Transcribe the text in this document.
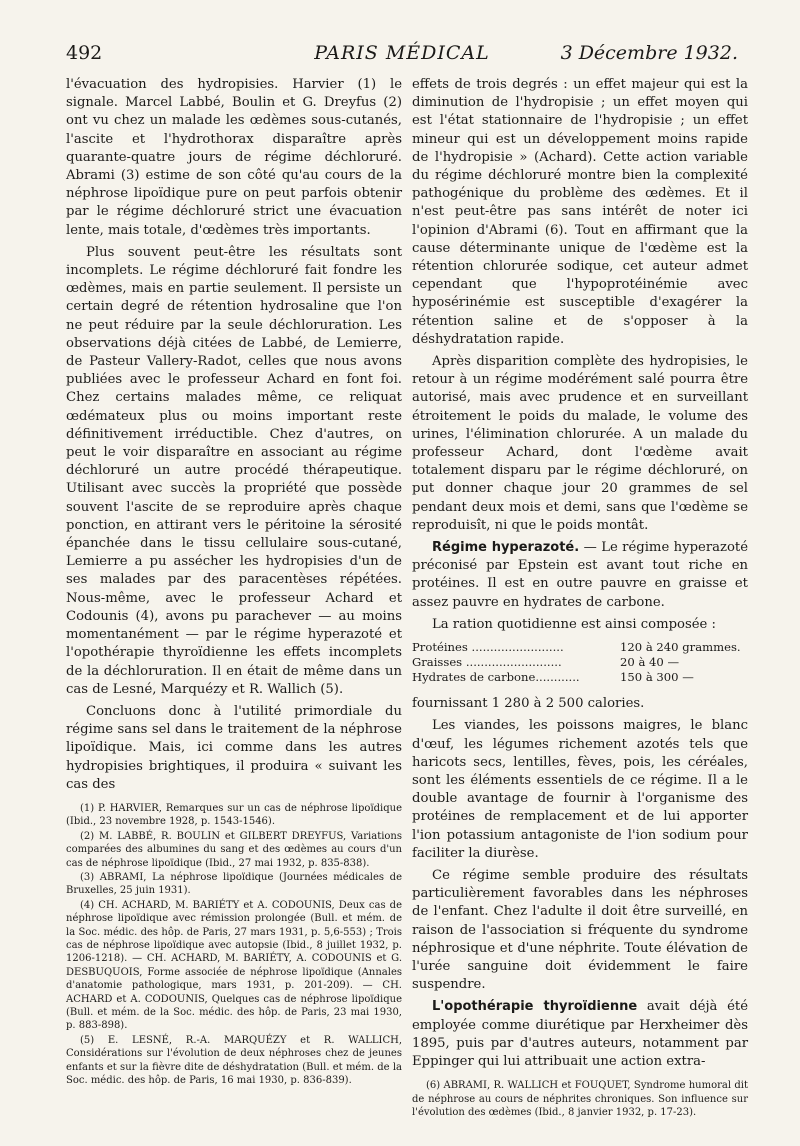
492	PARIS MÉDICAL	3 Décembre 1932.

l'évacuation des hydropisies. Harvier (1) le signale. Marcel Labbé, Boulin et G. Dreyfus (2) ont vu chez un malade les œdèmes sous-cutanés, l'ascite et l'hydrothorax disparaître après quarante-quatre jours de régime déchloruré. Abrami (3) estime de son côté qu'au cours de la néphrose lipoïdique pure on peut parfois obtenir par le régime déchloruré strict une évacuation lente, mais totale, d'œdèmes très importants.

Plus souvent peut-être les résultats sont incomplets. Le régime déchloruré fait fondre les œdèmes, mais en partie seulement. Il persiste un certain degré de rétention hydrosaline que l'on ne peut réduire par la seule déchloruration. Les observations déjà citées de Labbé, de Lemierre, de Pasteur Vallery-Radot, celles que nous avons publiées avec le professeur Achard en font foi. Chez certains malades même, ce reliquat œdémateux plus ou moins important reste définitivement irréductible. Chez d'autres, on peut le voir disparaître en associant au régime déchloruré un autre procédé thérapeutique. Utilisant avec succès la propriété que possède souvent l'ascite de se reproduire après chaque ponction, en attirant vers le péritoine la sérosité épanchée dans le tissu cellulaire sous-cutané, Lemierre a pu assécher les hydropisies d'un de ses malades par des paracentèses répétées. Nous-même, avec le professeur Achard et Codounis (4), avons pu parachever — au moins momentanément — par le régime hyperazoté et l'opothérapie thyroïdienne les effets incomplets de la déchloruration. Il en était de même dans un cas de Lesné, Marquézy et R. Wallich (5).

Concluons donc à l'utilité primordiale du régime sans sel dans le traitement de la néphrose lipoïdique. Mais, ici comme dans les autres hydropisies brightiques, il produira « suivant les cas des

(1) P. HARVIER, Remarques sur un cas de néphrose lipoïdique (Ibid., 23 novembre 1928, p. 1543-1546).

(2) M. LABBÉ, R. BOULIN et GILBERT DREYFUS, Variations comparées des albumines du sang et des œdèmes au cours d'un cas de néphrose lipoïdique (Ibid., 27 mai 1932, p. 835-838).

(3) ABRAMI, La néphrose lipoïdique (Journées médicales de Bruxelles, 25 juin 1931).

(4) CH. ACHARD, M. BARIÉTY et A. CODOUNIS, Deux cas de néphrose lipoïdique avec rémission prolongée (Bull. et mém. de la Soc. médic. des hôp. de Paris, 27 mars 1931, p. 5,6-553) ; Trois cas de néphrose lipoïdique avec autopsie (Ibid., 8 juillet 1932, p. 1206-1218). — CH. ACHARD, M. BARIÉTY, A. CODOUNIS et G. DESBUQUOIS, Forme associée de néphrose lipoïdique (Annales d'anatomie pathologique, mars 1931, p. 201-209). — CH. ACHARD et A. CODOUNIS, Quelques cas de néphrose lipoïdique (Bull. et mém. de la Soc. médic. des hôp. de Paris, 23 mai 1930, p. 883-898).

(5) E. LESNÉ, R.-A. MARQUÉZY et R. WALLICH, Considérations sur l'évolution de deux néphroses chez de jeunes enfants et sur la fièvre dite de déshydratation (Bull. et mém. de la Soc. médic. des hôp. de Paris, 16 mai 1930, p. 836-839).

effets de trois degrés : un effet majeur qui est la diminution de l'hydropisie ; un effet moyen qui est l'état stationnaire de l'hydropisie ; un effet mineur qui est un développement moins rapide de l'hydropisie » (Achard). Cette action variable du régime déchloruré montre bien la complexité pathogénique du problème des œdèmes. Et il n'est peut-être pas sans intérêt de noter ici l'opinion d'Abrami (6). Tout en affirmant que la cause déterminante unique de l'œdème est la rétention chlorurée sodique, cet auteur admet cependant que l'hypoprotéinémie avec hyposérinémie est susceptible d'exagérer la rétention saline et de s'opposer à la déshydratation rapide.

Après disparition complète des hydropisies, le retour à un régime modérément salé pourra être autorisé, mais avec prudence et en surveillant étroitement le poids du malade, le volume des urines, l'élimination chlorurée. A un malade du professeur Achard, dont l'œdème avait totalement disparu par le régime déchloruré, on put donner chaque jour 20 grammes de sel pendant deux mois et demi, sans que l'œdème se reproduisît, ni que le poids montât.

Régime hyperazoté. — Le régime hyperazoté préconisé par Epstein est avant tout riche en protéines. Il est en outre pauvre en graisse et assez pauvre en hydrates de carbone.

La ration quotidienne est ainsi composée :

Protéines .........................	120 à 240 grammes.
Graisses ..........................	20 à 40 —
Hydrates de carbone............	150 à 300 —

fournissant 1 280 à 2 500 calories.

Les viandes, les poissons maigres, le blanc d'œuf, les légumes richement azotés tels que haricots secs, lentilles, fèves, pois, les céréales, sont les éléments essentiels de ce régime. Il a le double avantage de fournir à l'organisme des protéines de remplacement et de lui apporter l'ion potassium antagoniste de l'ion sodium pour faciliter la diurèse.

Ce régime semble produire des résultats particulièrement favorables dans les néphroses de l'enfant. Chez l'adulte il doit être surveillé, en raison de l'association si fréquente du syndrome néphrosique et d'une néphrite. Toute élévation de l'urée sanguine doit évidemment le faire suspendre.

L'opothérapie thyroïdienne avait déjà été employée comme diurétique par Herxheimer dès 1895, puis par d'autres auteurs, notamment par Eppinger qui lui attribuait une action extra-

(6) ABRAMI, R. WALLICH et FOUQUET, Syndrome humoral dit de néphrose au cours de néphrites chroniques. Son influence sur l'évolution des œdèmes (Ibid., 8 janvier 1932, p. 17-23).
